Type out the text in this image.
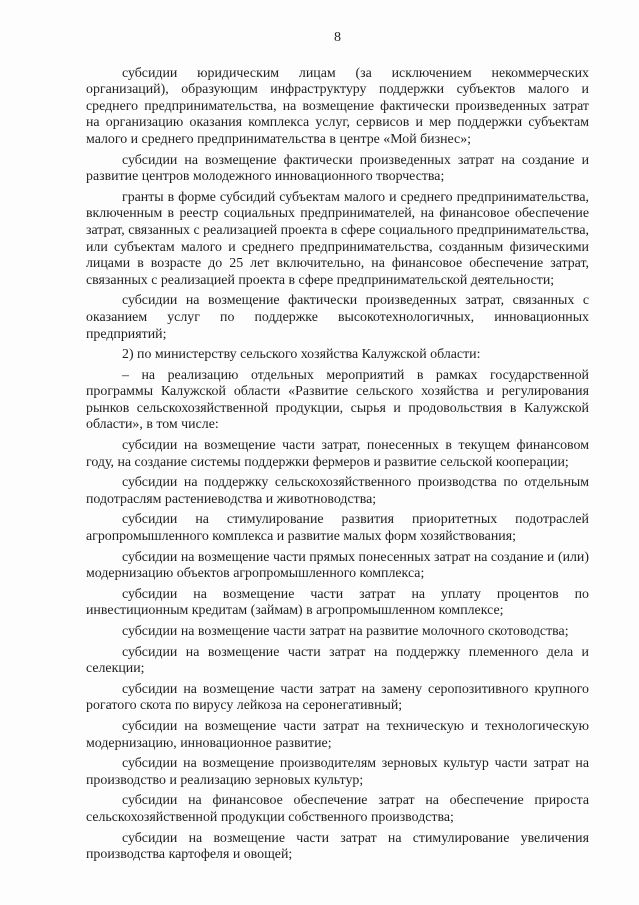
8

субсидии юридическим лицам (за исключением некоммерческих организаций), образующим инфраструктуру поддержки субъектов малого и среднего предпринимательства, на возмещение фактически произведенных затрат на организацию оказания комплекса услуг, сервисов и мер поддержки субъектам малого и среднего предпринимательства в центре «Мой бизнес»;

субсидии на возмещение фактически произведенных затрат на создание и развитие центров молодежного инновационного творчества;

гранты в форме субсидий субъектам малого и среднего предпринимательства, включенным в реестр социальных предпринимателей, на финансовое обеспечение затрат, связанных с реализацией проекта в сфере социального предпринимательства, или субъектам малого и среднего предпринимательства, созданным физическими лицами в возрасте до 25 лет включительно, на финансовое обеспечение затрат, связанных с реализацией проекта в сфере предпринимательской деятельности;

субсидии на возмещение фактически произведенных затрат, связанных с оказанием услуг по поддержке высокотехнологичных, инновационных предприятий;

2) по министерству сельского хозяйства Калужской области:

– на реализацию отдельных мероприятий в рамках государственной программы Калужской области «Развитие сельского хозяйства и регулирования рынков сельскохозяйственной продукции, сырья и продовольствия в Калужской области», в том числе:

субсидии на возмещение части затрат, понесенных в текущем финансовом году, на создание системы поддержки фермеров и развитие сельской кооперации;

субсидии на поддержку сельскохозяйственного производства по отдельным подотраслям растениеводства и животноводства;

субсидии на стимулирование развития приоритетных подотраслей агропромышленного комплекса и развитие малых форм хозяйствования;

субсидии на возмещение части прямых понесенных затрат на создание и (или) модернизацию объектов агропромышленного комплекса;

субсидии на возмещение части затрат на уплату процентов по инвестиционным кредитам (займам) в агропромышленном комплексе;

субсидии на возмещение части затрат на развитие молочного скотоводства;

субсидии на возмещение части затрат на поддержку племенного дела и селекции;

субсидии на возмещение части затрат на замену серопозитивного крупного рогатого скота по вирусу лейкоза на серонегативный;

субсидии на возмещение части затрат на техническую и технологическую модернизацию, инновационное развитие;

субсидии на возмещение производителям зерновых культур части затрат на производство и реализацию зерновых культур;

субсидии на финансовое обеспечение затрат на обеспечение прироста сельскохозяйственной продукции собственного производства;

субсидии на возмещение части затрат на стимулирование увеличения производства картофеля и овощей;
